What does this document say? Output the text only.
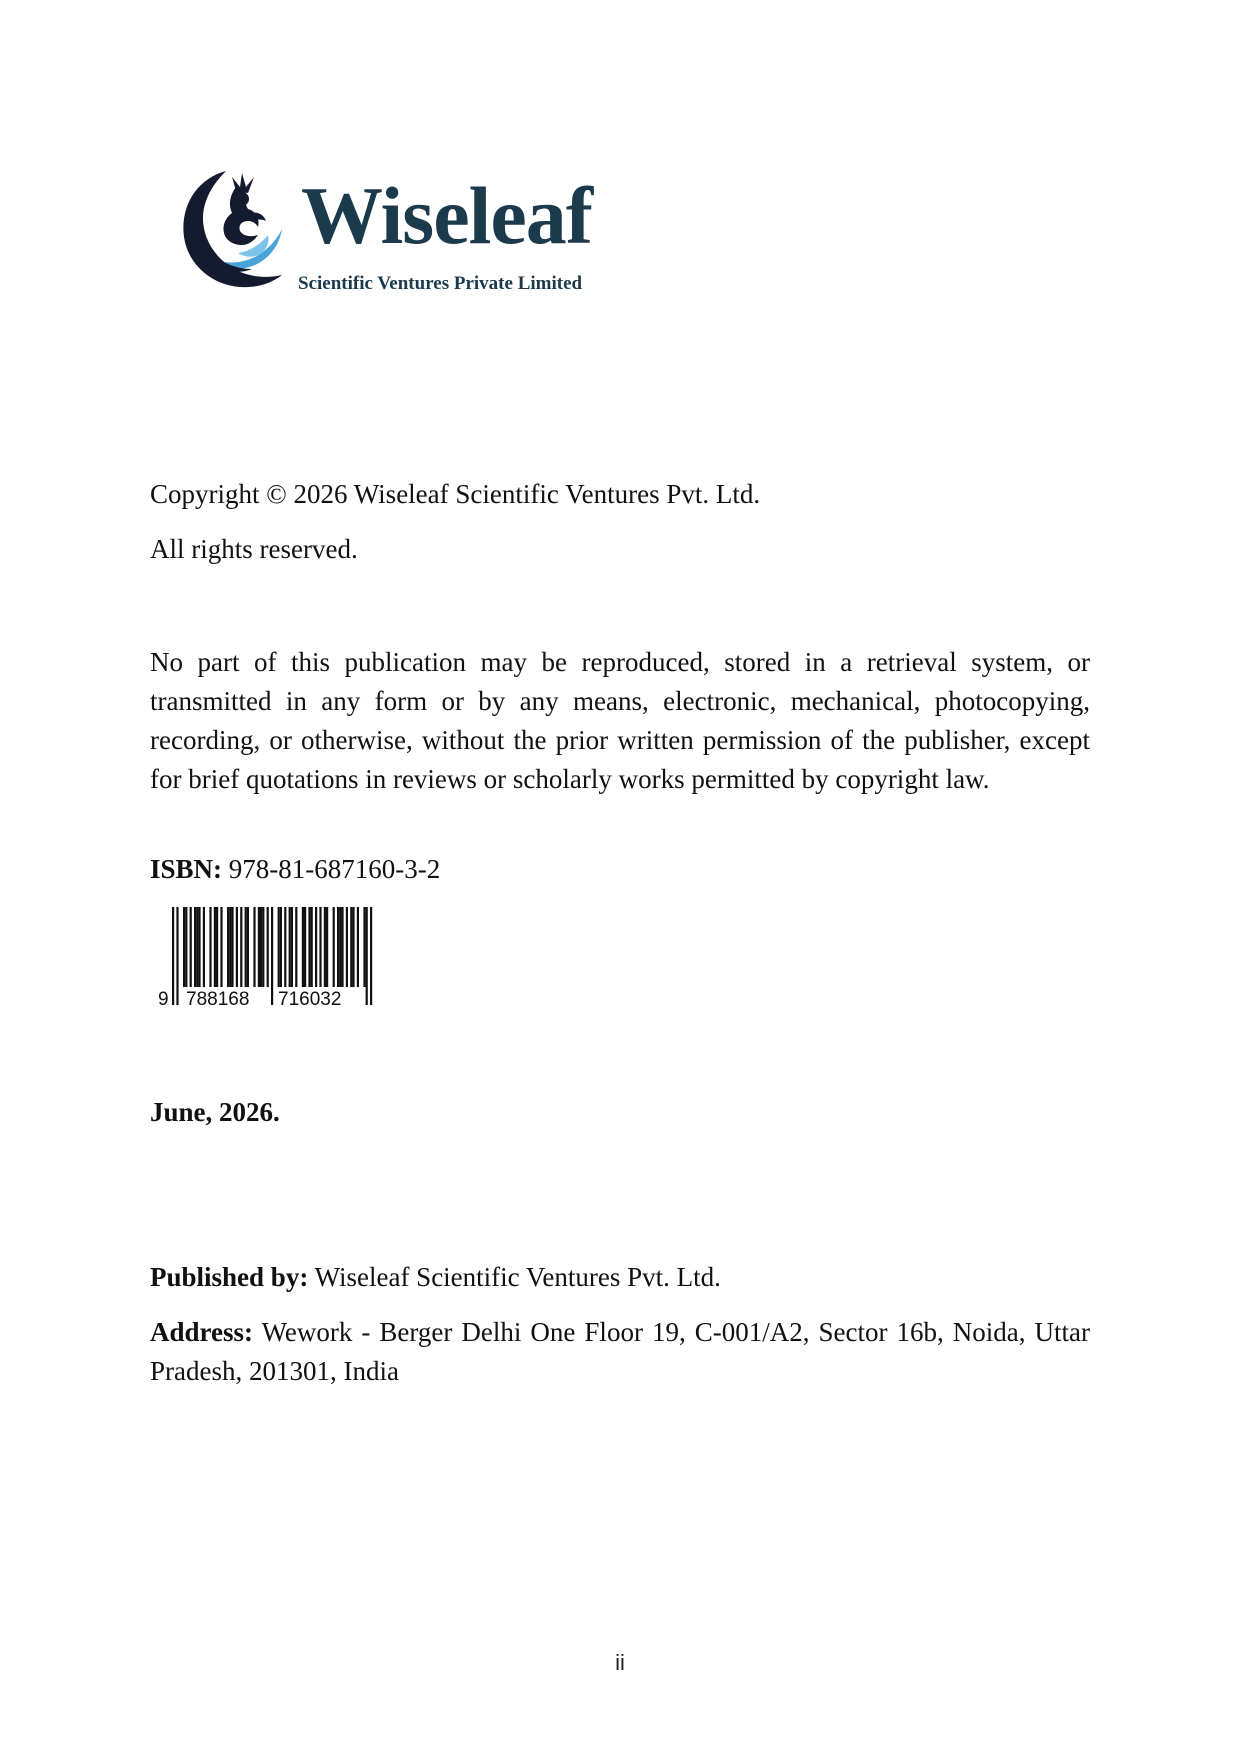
Wiseleaf
Scientific Ventures Private Limited
Copyright © 2026 Wiseleaf Scientific Ventures Pvt. Ltd.
All rights reserved.
No part of this publication may be reproduced, stored in a retrieval system, or transmitted in any form or by any means, electronic, mechanical, photocopying, recording, or otherwise, without the prior written permission of the publisher, except for brief quotations in reviews or scholarly works permitted by copyright law.
ISBN: 978-81-687160-3-2
9 788168 716032
June, 2026.
Published by: Wiseleaf Scientific Ventures Pvt. Ltd.
Address: Wework - Berger Delhi One Floor 19, C-001/A2, Sector 16b, Noida, Uttar Pradesh, 201301, India
ii
